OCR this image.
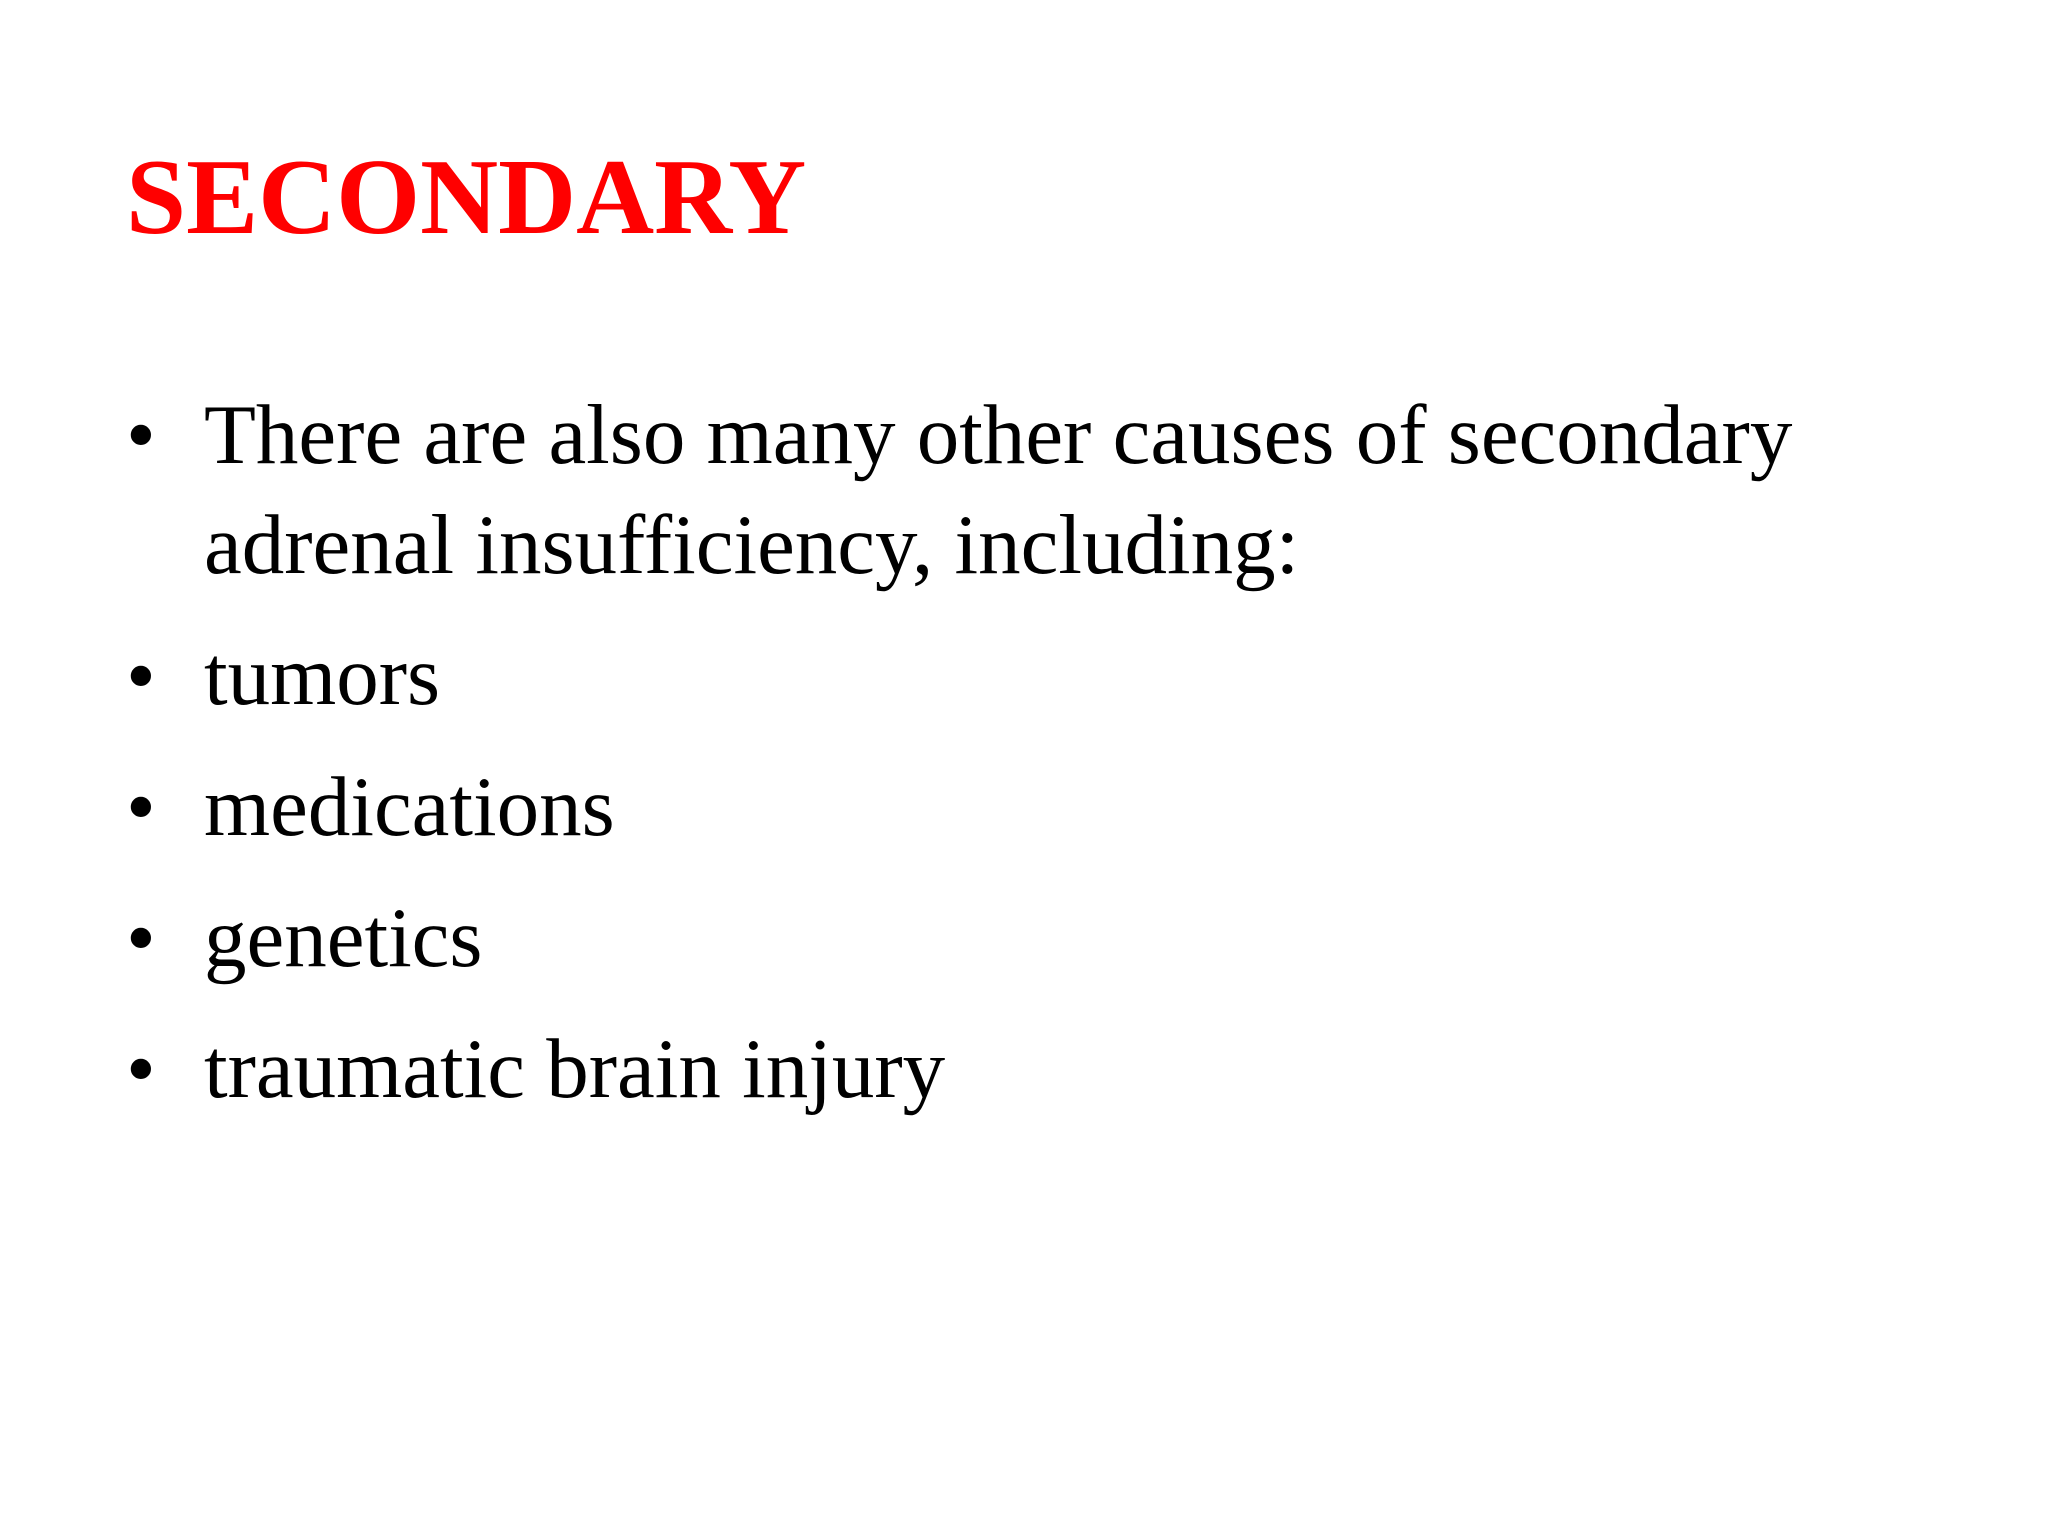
SECONDARY
• There are also many other causes of secondary adrenal insufficiency, including:
• tumors
• medications
• genetics
• traumatic brain injury
